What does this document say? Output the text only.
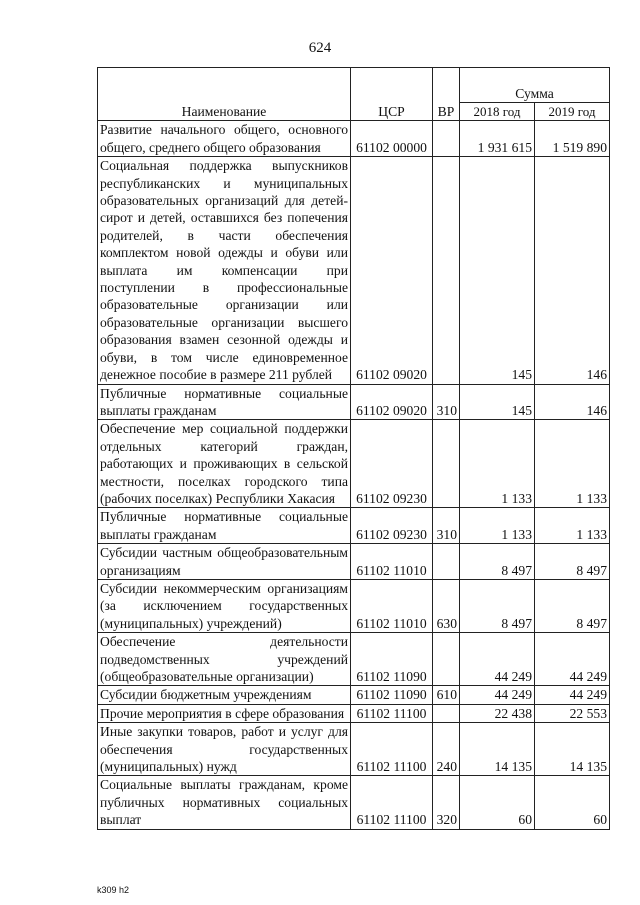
624
Наименование	ЦСР	ВР	Сумма	
			2018 год	2019 год
Развитие начального общего, основного общего, среднего общего образования	61102 00000		1 931 615	1 519 890
Социальная поддержка выпускников республиканских и муниципальных образовательных организаций для детей-сирот и детей, оставшихся без попечения родителей, в части обеспечения комплектом новой одежды и обуви или выплата им компенсации при поступлении в профессиональные образовательные организации или образовательные организации высшего образования взамен сезонной одежды и обуви, в том числе единовременное денежное пособие в размере 211 рублей	61102 09020		145	146
Публичные нормативные социальные выплаты гражданам	61102 09020	310	145	146
Обеспечение мер социальной поддержки отдельных категорий граждан, работающих и проживающих в сельской местности, поселках городского типа (рабочих поселках) Республики Хакасия	61102 09230		1 133	1 133
Публичные нормативные социальные выплаты гражданам	61102 09230	310	1 133	1 133
Субсидии частным общеобразовательным организациям	61102 11010		8 497	8 497
Субсидии некоммерческим организациям (за исключением государственных (муниципальных) учреждений)	61102 11010	630	8 497	8 497
Обеспечение деятельности подведомственных учреждений (общеобразовательные организации)	61102 11090		44 249	44 249
Субсидии бюджетным учреждениям	61102 11090	610	44 249	44 249
Прочие мероприятия в сфере образования	61102 11100		22 438	22 553
Иные закупки товаров, работ и услуг для обеспечения государственных (муниципальных) нужд	61102 11100	240	14 135	14 135
Социальные выплаты гражданам, кроме публичных нормативных социальных выплат	61102 11100	320	60	60
k309 h2
